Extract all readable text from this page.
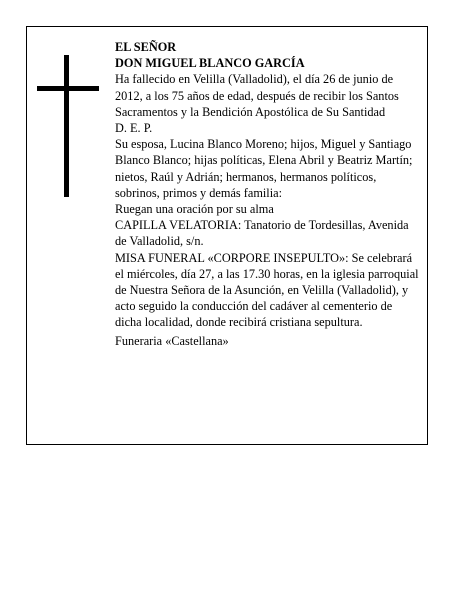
EL SEÑOR

DON MIGUEL BLANCO GARCÍA

Ha fallecido en Velilla (Valladolid), el día 26 de junio de 2012, a los 75 años de edad, después de recibir los Santos Sacramentos y la Bendición Apostólica de Su Santidad

D. E. P.

Su esposa, Lucina Blanco Moreno; hijos, Miguel y Santiago Blanco Blanco; hijas políticas, Elena Abril y Beatriz Martín; nietos, Raúl y Adrián; hermanos, hermanos políticos, sobrinos, primos y demás familia:

Ruegan una oración por su alma

CAPILLA VELATORIA: Tanatorio de Tordesillas, Avenida de Valladolid, s/n.

MISA FUNERAL «CORPORE INSEPULTO»: Se celebrará el miércoles, día 27, a las 17.30 horas, en la iglesia parroquial de Nuestra Señora de la Asunción, en Velilla (Valladolid), y acto seguido la conducción del cadáver al cementerio de dicha localidad, donde recibirá cristiana sepultura.

Funeraria «Castellana»
